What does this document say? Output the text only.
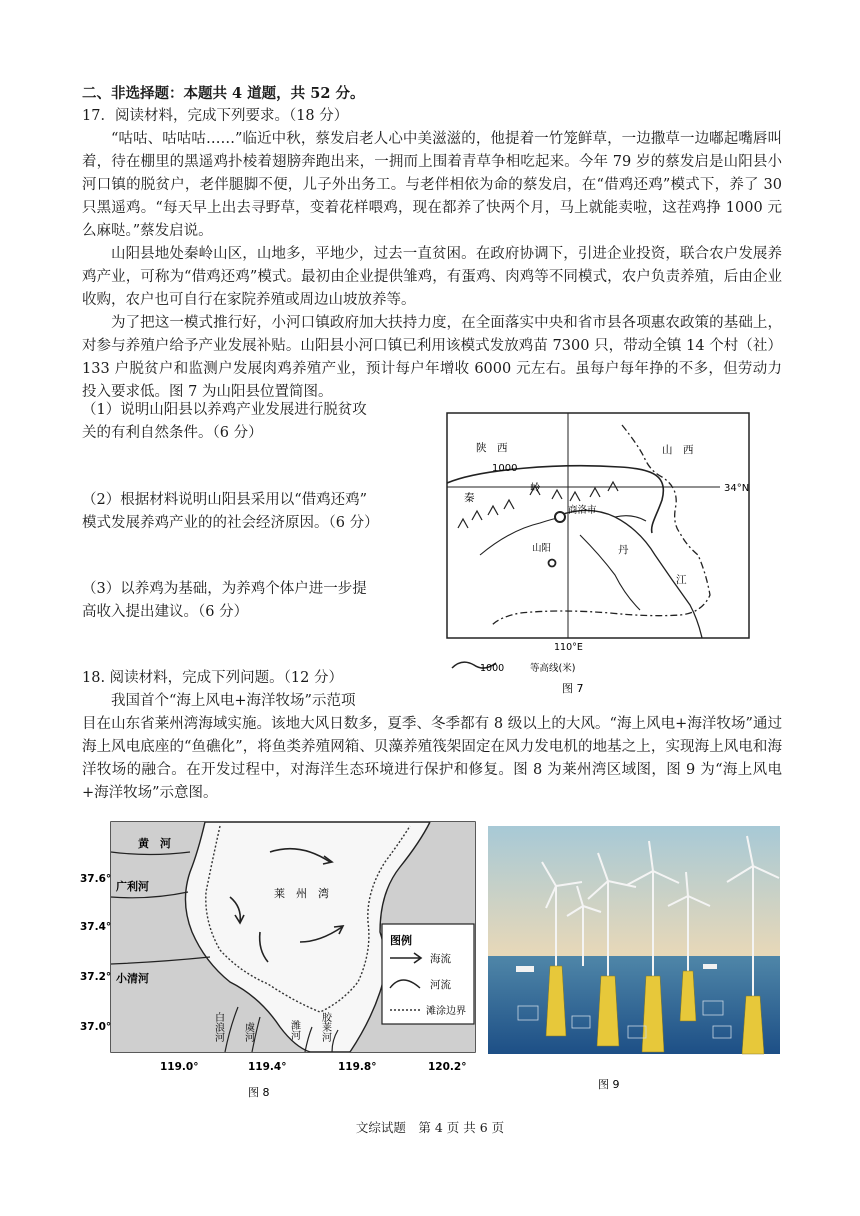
二、非选择题：本题共 4 道题，共 52 分。
17．阅读材料，完成下列要求。（18 分）

“咕咕、咕咕咕……”临近中秋，蔡发启老人心中美滋滋的，他提着一竹笼鲜草，一边撒草一边嘟起嘴唇叫着，待在棚里的黑遥鸡扑棱着翅膀奔跑出来，一拥而上围着青草争相吃起来。今年 79 岁的蔡发启是山阳县小河口镇的脱贫户，老伴腿脚不便，儿子外出务工。与老伴相依为命的蔡发启，在“借鸡还鸡”模式下，养了 30 只黑遥鸡。“每天早上出去寻野草，变着花样喂鸡，现在都养了快两个月，马上就能卖啦，这茬鸡挣 1000 元么麻哒。”蔡发启说。

山阳县地处秦岭山区，山地多，平地少，过去一直贫困。在政府协调下，引进企业投资，联合农户发展养鸡产业，可称为“借鸡还鸡”模式。最初由企业提供雏鸡，有蛋鸡、肉鸡等不同模式，农户负责养殖，后由企业收购，农户也可自行在家院养殖或周边山坡放养等。

为了把这一模式推行好，小河口镇政府加大扶持力度，在全面落实中央和省市县各项惠农政策的基础上，对参与养殖户给予产业发展补贴。山阳县小河口镇已利用该模式发放鸡苗 7300 只，带动全镇 14 个村（社）133 户脱贫户和监测户发展肉鸡养殖产业，预计每户年增收 6000 元左右。虽每户每年挣的不多，但劳动力投入要求低。图 7 为山阳县位置简图。

（1）说明山阳县以养鸡产业发展进行脱贫攻
关的有利自然条件。（6 分）
（2）根据材料说明山阳县采用以“借鸡还鸡”
模式发展养鸡产业的的社会经济原因。（6 分）
（3）以养鸡为基础，为养鸡个体户进一步提
高收入提出建议。（6 分）
陕　西	山　西
1000
34°N
秦
岭
商洛市
山阳	丹
江
110°E
1000	等高线(米)
图 7
18. 阅读材料，完成下列问题。（12 分）

我国首个“海上风电+海洋牧场”示范项

目在山东省莱州湾海域实施。该地大风日数多，夏季、冬季都有 8 级以上的大风。“海上风电+海洋牧场”通过海上风电底座的“鱼礁化”，将鱼类养殖网箱、贝藻养殖筏架固定在风力发电机的地基之上，实现海上风电和海洋牧场的融合。在开发过程中，对海洋生态环境进行保护和修复。图 8 为莱州湾区域图，图 9 为“海上风电+海洋牧场”示意图。

图例
海流
河流
滩涂边界
黄　河
广利河
小清河
莱　州　湾
白浪河 虞河	潍河 胶莱河
37.6°
37.4°
37.2°
37.0°
119.0°	119.4°	119.8°	120.2°
图 8
图 9
文综试题　第 4 页 共 6 页
